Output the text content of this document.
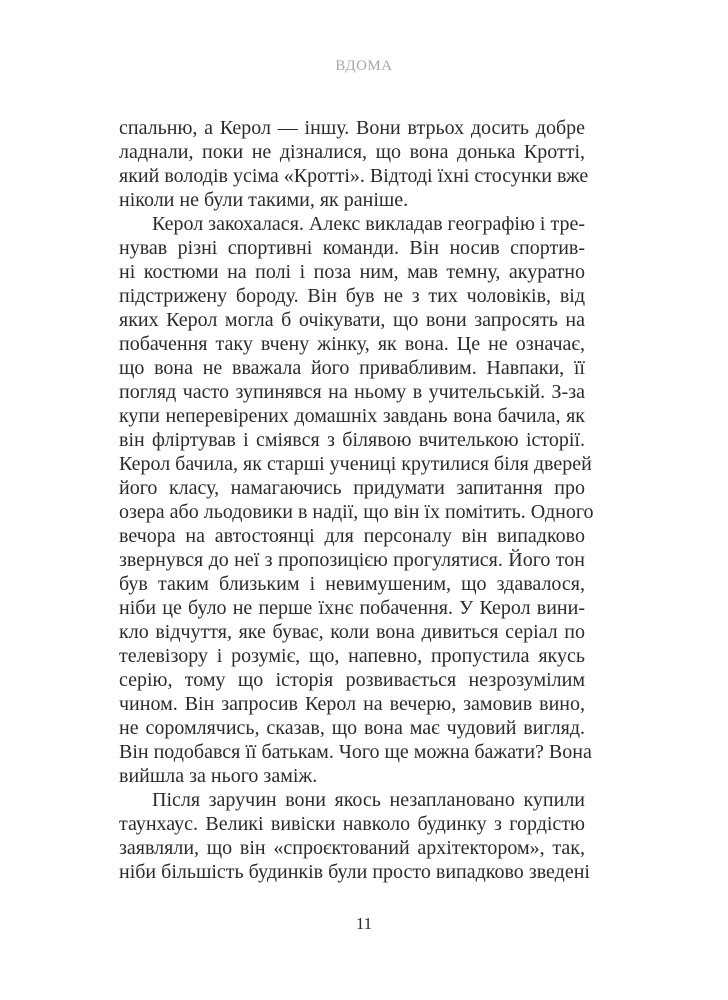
ВДОМА
спальню, а Керол — іншу. Вони втрьох досить добре
ладнали, поки не дізналися, що вона донька Кротті,
який володів усіма «Кротті». Відтоді їхні стосунки вже
ніколи не були такими, як раніше.
Керол закохалася. Алекс викладав географію і тре-
нував різні спортивні команди. Він носив спортив-
ні костюми на полі і поза ним, мав темну, акуратно
підстрижену бороду. Він був не з тих чоловіків, від
яких Керол могла б очікувати, що вони запросять на
побачення таку вчену жінку, як вона. Це не означає,
що вона не вважала його привабливим. Навпаки, її
погляд часто зупинявся на ньому в учительській. З-за
купи неперевірених домашніх завдань вона бачила, як
він фліртував і сміявся з білявою вчителькою історії.
Керол бачила, як старші учениці крутилися біля дверей
його класу, намагаючись придумати запитання про
озера або льодовики в надії, що він їх помітить. Одного
вечора на автостоянці для персоналу він випадково
звернувся до неї з пропозицією прогулятися. Його тон
був таким близьким і невимушеним, що здавалося,
ніби це було не перше їхнє побачення. У Керол вини-
кло відчуття, яке буває, коли вона дивиться серіал по
телевізору і розуміє, що, напевно, пропустила якусь
серію, тому що історія розвивається незрозумілим
чином. Він запросив Керол на вечерю, замовив вино,
не соромлячись, сказав, що вона має чудовий вигляд.
Він подобався її батькам. Чого ще можна бажати? Вона
вийшла за нього заміж.
Після заручин вони якось незаплановано купили
таунхаус. Великі вивіски навколо будинку з гордістю
заявляли, що він «спроєктований архітектором», так,
ніби більшість будинків були просто випадково зведені
11
